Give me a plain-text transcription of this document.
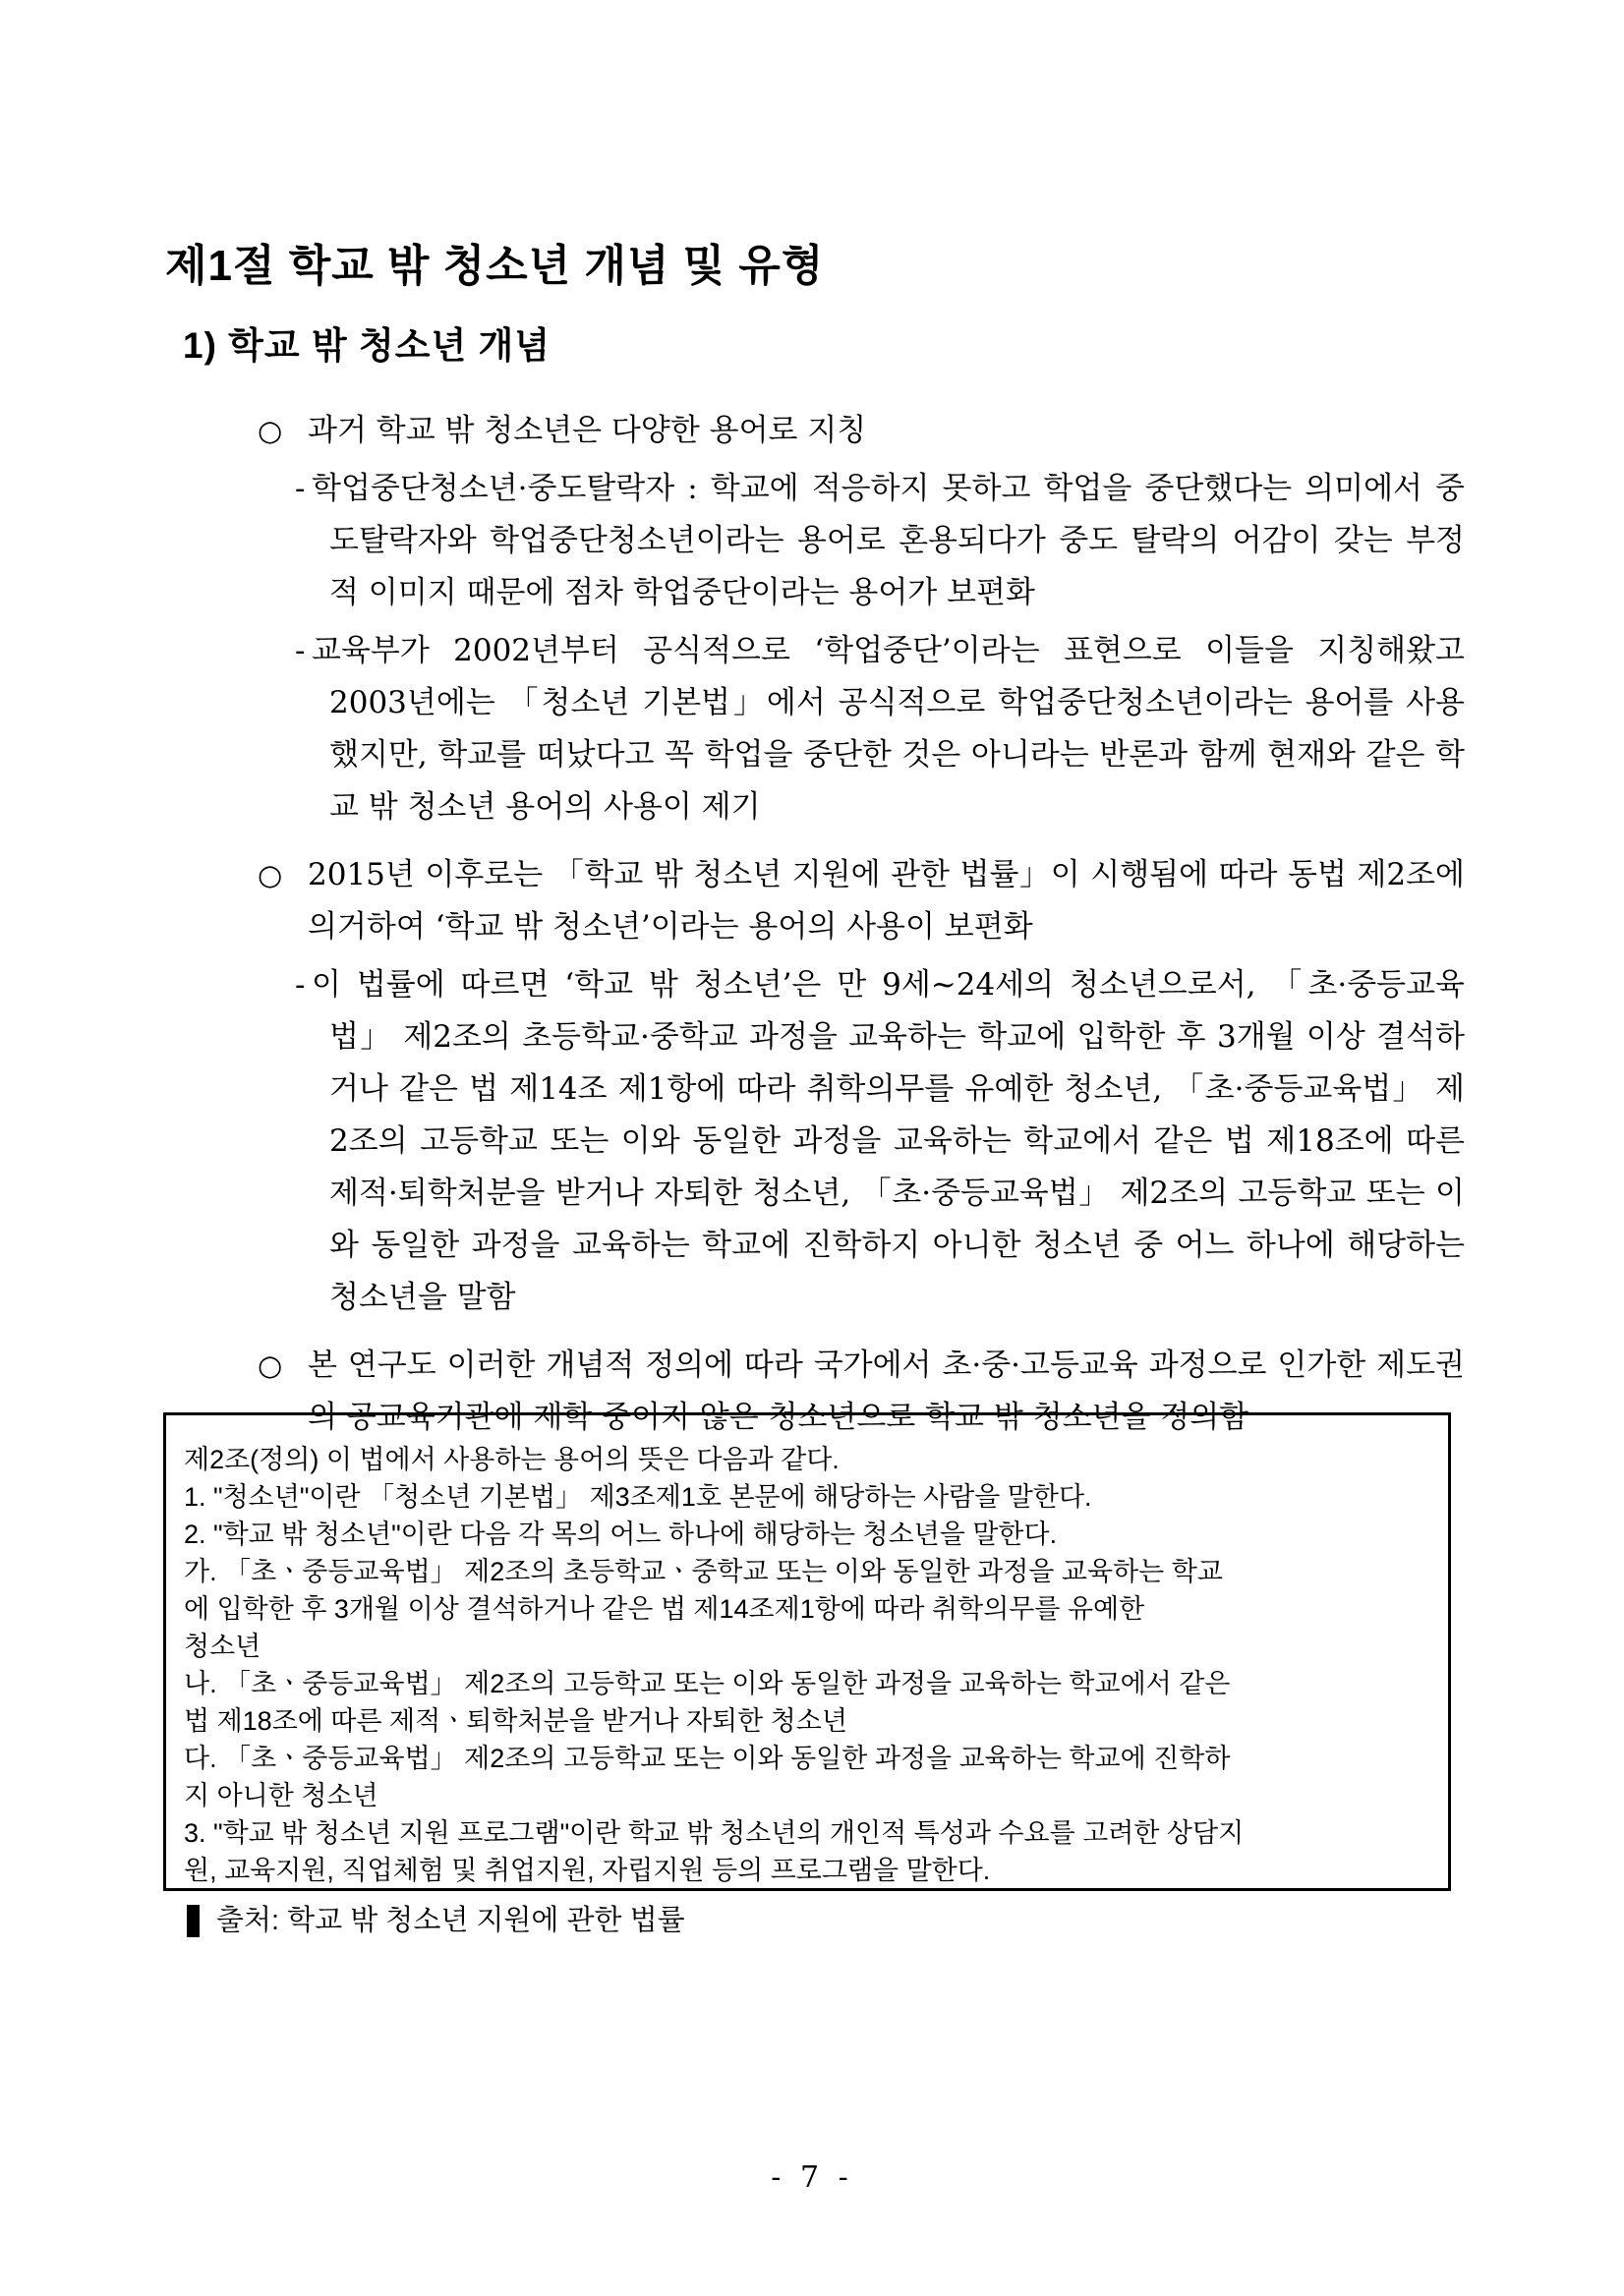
제1절 학교 밖 청소년 개념 및 유형
1) 학교 밖 청소년 개념
○ 과거 학교 밖 청소년은 다양한 용어로 지칭
- 학업중단청소년·중도탈락자 : 학교에 적응하지 못하고 학업을 중단했다는 의미에서 중도탈락자와 학업중단청소년이라는 용어로 혼용되다가 중도 탈락의 어감이 갖는 부정적 이미지 때문에 점차 학업중단이라는 용어가 보편화
- 교육부가 2002년부터 공식적으로 ‘학업중단’이라는 표현으로 이들을 지칭해왔고 2003년에는 「청소년 기본법」에서 공식적으로 학업중단청소년이라는 용어를 사용했지만, 학교를 떠났다고 꼭 학업을 중단한 것은 아니라는 반론과 함께 현재와 같은 학교 밖 청소년 용어의 사용이 제기
○ 2015년 이후로는 「학교 밖 청소년 지원에 관한 법률」이 시행됨에 따라 동법 제2조에 의거하여 ‘학교 밖 청소년’이라는 용어의 사용이 보편화
- 이 법률에 따르면 ‘학교 밖 청소년’은 만 9세~24세의 청소년으로서, 「초·중등교육법」 제2조의 초등학교·중학교 과정을 교육하는 학교에 입학한 후 3개월 이상 결석하거나 같은 법 제14조 제1항에 따라 취학의무를 유예한 청소년, 「초·중등교육법」 제2조의 고등학교 또는 이와 동일한 과정을 교육하는 학교에서 같은 법 제18조에 따른 제적·퇴학처분을 받거나 자퇴한 청소년, 「초·중등교육법」 제2조의 고등학교 또는 이와 동일한 과정을 교육하는 학교에 진학하지 아니한 청소년 중 어느 하나에 해당하는 청소년을 말함
○ 본 연구도 이러한 개념적 정의에 따라 국가에서 초·중·고등교육 과정으로 인가한 제도권의 공교육기관에 재학 중이지 않은 청소년으로 학교 밖 청소년을 정의함
제2조(정의) 이 법에서 사용하는 용어의 뜻은 다음과 같다.
1. "청소년"이란 「청소년 기본법」 제3조제1호 본문에 해당하는 사람을 말한다.
2. "학교 밖 청소년"이란 다음 각 목의 어느 하나에 해당하는 청소년을 말한다.
가. 「초ㆍ중등교육법」 제2조의 초등학교ㆍ중학교 또는 이와 동일한 과정을 교육하는 학교
에 입학한 후 3개월 이상 결석하거나 같은 법 제14조제1항에 따라 취학의무를 유예한
청소년
나. 「초ㆍ중등교육법」 제2조의 고등학교 또는 이와 동일한 과정을 교육하는 학교에서 같은
법 제18조에 따른 제적ㆍ퇴학처분을 받거나 자퇴한 청소년
다. 「초ㆍ중등교육법」 제2조의 고등학교 또는 이와 동일한 과정을 교육하는 학교에 진학하
지 아니한 청소년
3. "학교 밖 청소년 지원 프로그램"이란 학교 밖 청소년의 개인적 특성과 수요를 고려한 상담지
원, 교육지원, 직업체험 및 취업지원, 자립지원 등의 프로그램을 말한다.
출처: 학교 밖 청소년 지원에 관한 법률
- 7 -
